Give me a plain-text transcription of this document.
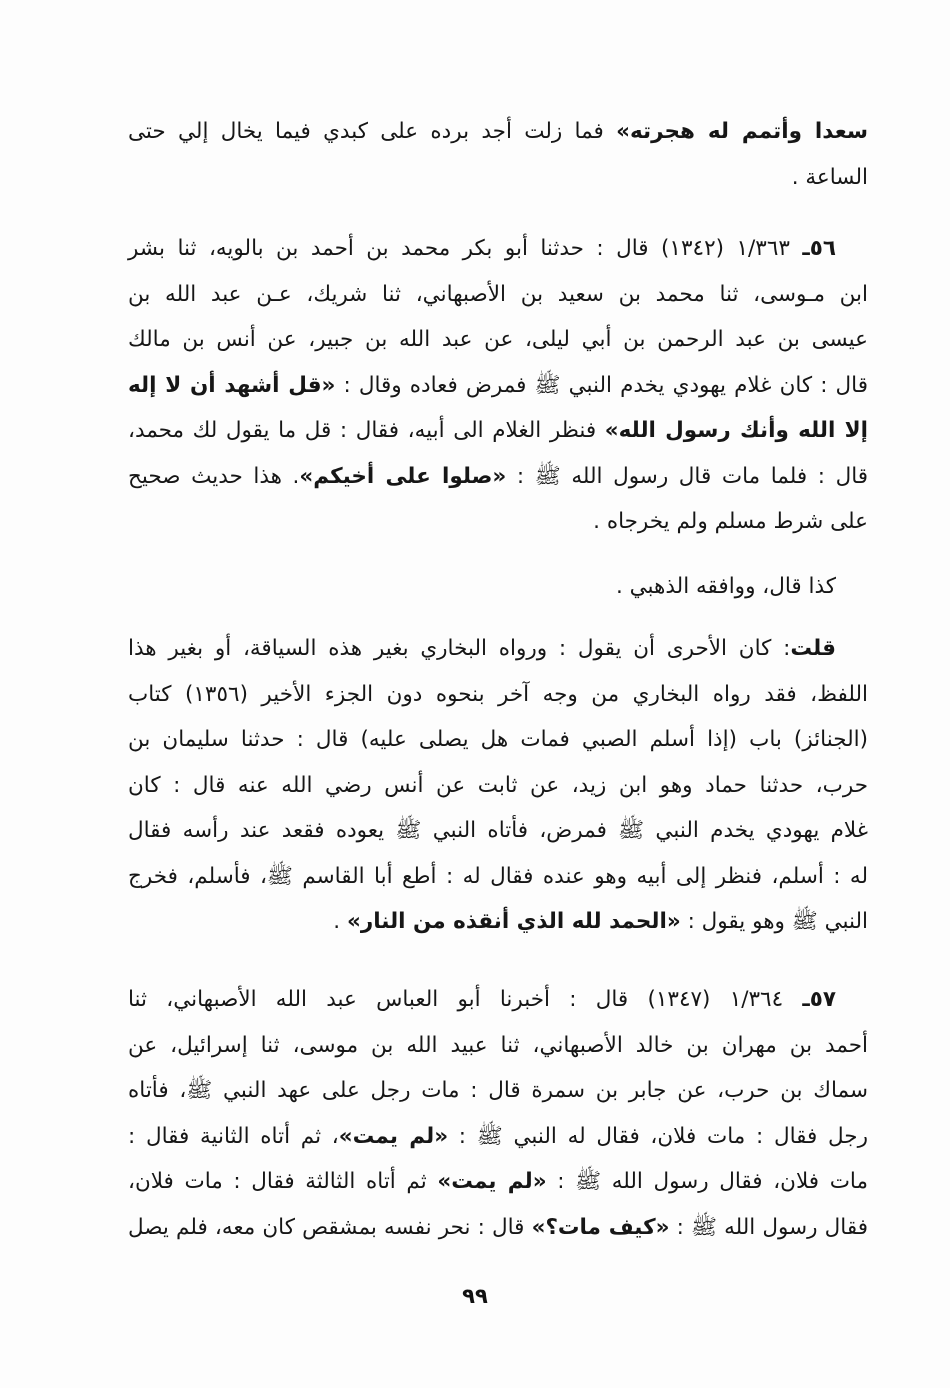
سعدا وأتمم له هجرته» فما زلت أجد برده على كبدي فيما يخال إلي حتى
الساعة .
٥٦ـ ١/٣٦٣ (١٣٤٢) قال : حدثنا أبو بكر محمد بن أحمد بن بالويه، ثنا بشر
ابن مـوسى، ثنا محمد بن سعيد بن الأصبهاني، ثنا شريك، عـن عبد الله بن
عيسى بن عبد الرحمن بن أبي ليلى، عن عبد الله بن جبير، عن أنس بن مالك
قال : كان غلام يهودي يخدم النبي ﷺ فمرض فعاده وقال : «قل أشهد أن لا إله
إلا الله وأنك رسول الله» فنظر الغلام الى أبيه، فقال : قل ما يقول لك محمد،
قال : فلما مات قال رسول الله ﷺ : «صلوا على أخيكم». هذا حديث صحيح
على شرط مسلم ولم يخرجاه .
كذا قال، ووافقه الذهبي .
قلت: كان الأحرى أن يقول : ورواه البخاري بغير هذه السياقة، أو بغير هذا
اللفظ، فقد رواه البخاري من وجه آخر بنحوه دون الجزء الأخير (١٣٥٦) كتاب
(الجنائز) باب (إذا أسلم الصبي فمات هل يصلى عليه) قال : حدثنا سليمان بن
حرب، حدثنا حماد وهو ابن زيد، عن ثابت عن أنس رضي الله عنه قال : كان
غلام يهودي يخدم النبي ﷺ فمرض، فأتاه النبي ﷺ يعوده فقعد عند رأسه فقال
له : أسلم، فنظر إلى أبيه وهو عنده فقال له : أطع أبا القاسم ﷺ، فأسلم، فخرج
النبي ﷺ وهو يقول : «الحمد لله الذي أنقذه من النار» .
٥٧ـ ١/٣٦٤ (١٣٤٧) قال : أخبرنا أبو العباس عبد الله الأصبهاني، ثنا
أحمد بن مهران بن خالد الأصبهاني، ثنا عبيد الله بن موسى، ثنا إسرائيل، عن
سماك بن حرب، عن جابر بن سمرة قال : مات رجل على عهد النبي ﷺ، فأتاه
رجل فقال : مات فلان، فقال له النبي ﷺ : «لم يمت»، ثم أتاه الثانية فقال :
مات فلان، فقال رسول الله ﷺ : «لم يمت» ثم أتاه الثالثة فقال : مات فلان،
فقال رسول الله ﷺ : «كيف مات؟» قال : نحر نفسه بمشقص كان معه، فلم يصل
٩٩
